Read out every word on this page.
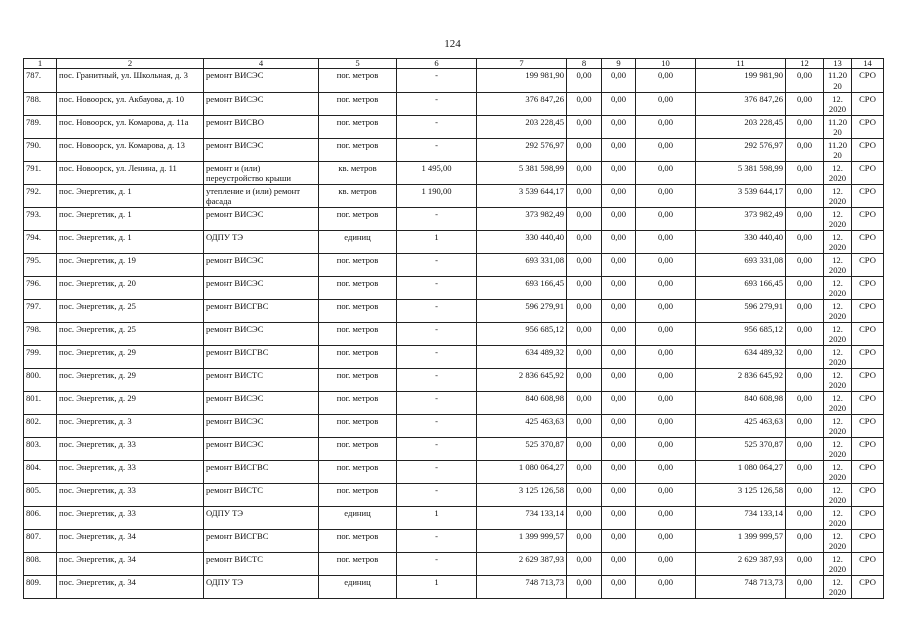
124
1	2	4	5	6	7	8	9	10	11	12	13	14
787.	пос. Гранитный, ул. Школьная, д. 3	ремонт ВИСЭС	пог. метров	-	199 981,90	0,00	0,00	0,00	199 981,90	0,00	11.20 20	СРО
788.	пос. Новоорск, ул. Акбауова, д. 10	ремонт ВИСЭС	пог. метров	-	376 847,26	0,00	0,00	0,00	376 847,26	0,00	12. 2020	СРО
789.	пос. Новоорск, ул. Комарова, д. 11а	ремонт ВИСВО	пог. метров	-	203 228,45	0,00	0,00	0,00	203 228,45	0,00	11.20 20	СРО
790.	пос. Новоорск, ул. Комарова, д. 13	ремонт ВИСЭС	пог. метров	-	292 576,97	0,00	0,00	0,00	292 576,97	0,00	11.20 20	СРО
791.	пос. Новоорск, ул. Ленина, д. 11	ремонт и (или) переустройство крыши	кв. метров	1 495,00	5 381 598,99	0,00	0,00	0,00	5 381 598,99	0,00	12. 2020	СРО
792.	пос. Энергетик, д. 1	утепление и (или) ремонт фасада	кв. метров	1 190,00	3 539 644,17	0,00	0,00	0,00	3 539 644,17	0,00	12. 2020	СРО
793.	пос. Энергетик, д. 1	ремонт ВИСЭС	пог. метров	-	373 982,49	0,00	0,00	0,00	373 982,49	0,00	12. 2020	СРО
794.	пос. Энергетик, д. 1	ОДПУ ТЭ	единиц	1	330 440,40	0,00	0,00	0,00	330 440,40	0,00	12. 2020	СРО
795.	пос. Энергетик, д. 19	ремонт ВИСЭС	пог. метров	-	693 331,08	0,00	0,00	0,00	693 331,08	0,00	12. 2020	СРО
796.	пос. Энергетик, д. 20	ремонт ВИСЭС	пог. метров	-	693 166,45	0,00	0,00	0,00	693 166,45	0,00	12. 2020	СРО
797.	пос. Энергетик, д. 25	ремонт ВИСГВС	пог. метров	-	596 279,91	0,00	0,00	0,00	596 279,91	0,00	12. 2020	СРО
798.	пос. Энергетик, д. 25	ремонт ВИСЭС	пог. метров	-	956 685,12	0,00	0,00	0,00	956 685,12	0,00	12. 2020	СРО
799.	пос. Энергетик, д. 29	ремонт ВИСГВС	пог. метров	-	634 489,32	0,00	0,00	0,00	634 489,32	0,00	12. 2020	СРО
800.	пос. Энергетик, д. 29	ремонт ВИСТС	пог. метров	-	2 836 645,92	0,00	0,00	0,00	2 836 645,92	0,00	12. 2020	СРО
801.	пос. Энергетик, д. 29	ремонт ВИСЭС	пог. метров	-	840 608,98	0,00	0,00	0,00	840 608,98	0,00	12. 2020	СРО
802.	пос. Энергетик, д. 3	ремонт ВИСЭС	пог. метров	-	425 463,63	0,00	0,00	0,00	425 463,63	0,00	12. 2020	СРО
803.	пос. Энергетик, д. 33	ремонт ВИСЭС	пог. метров	-	525 370,87	0,00	0,00	0,00	525 370,87	0,00	12. 2020	СРО
804.	пос. Энергетик, д. 33	ремонт ВИСГВС	пог. метров	-	1 080 064,27	0,00	0,00	0,00	1 080 064,27	0,00	12. 2020	СРО
805.	пос. Энергетик, д. 33	ремонт ВИСТС	пог. метров	-	3 125 126,58	0,00	0,00	0,00	3 125 126,58	0,00	12. 2020	СРО
806.	пос. Энергетик, д. 33	ОДПУ ТЭ	единиц	1	734 133,14	0,00	0,00	0,00	734 133,14	0,00	12. 2020	СРО
807.	пос. Энергетик, д. 34	ремонт ВИСГВС	пог. метров	-	1 399 999,57	0,00	0,00	0,00	1 399 999,57	0,00	12. 2020	СРО
808.	пос. Энергетик, д. 34	ремонт ВИСТС	пог. метров	-	2 629 387,93	0,00	0,00	0,00	2 629 387,93	0,00	12. 2020	СРО
809.	пос. Энергетик, д. 34	ОДПУ ТЭ	единиц	1	748 713,73	0,00	0,00	0,00	748 713,73	0,00	12. 2020	СРО
